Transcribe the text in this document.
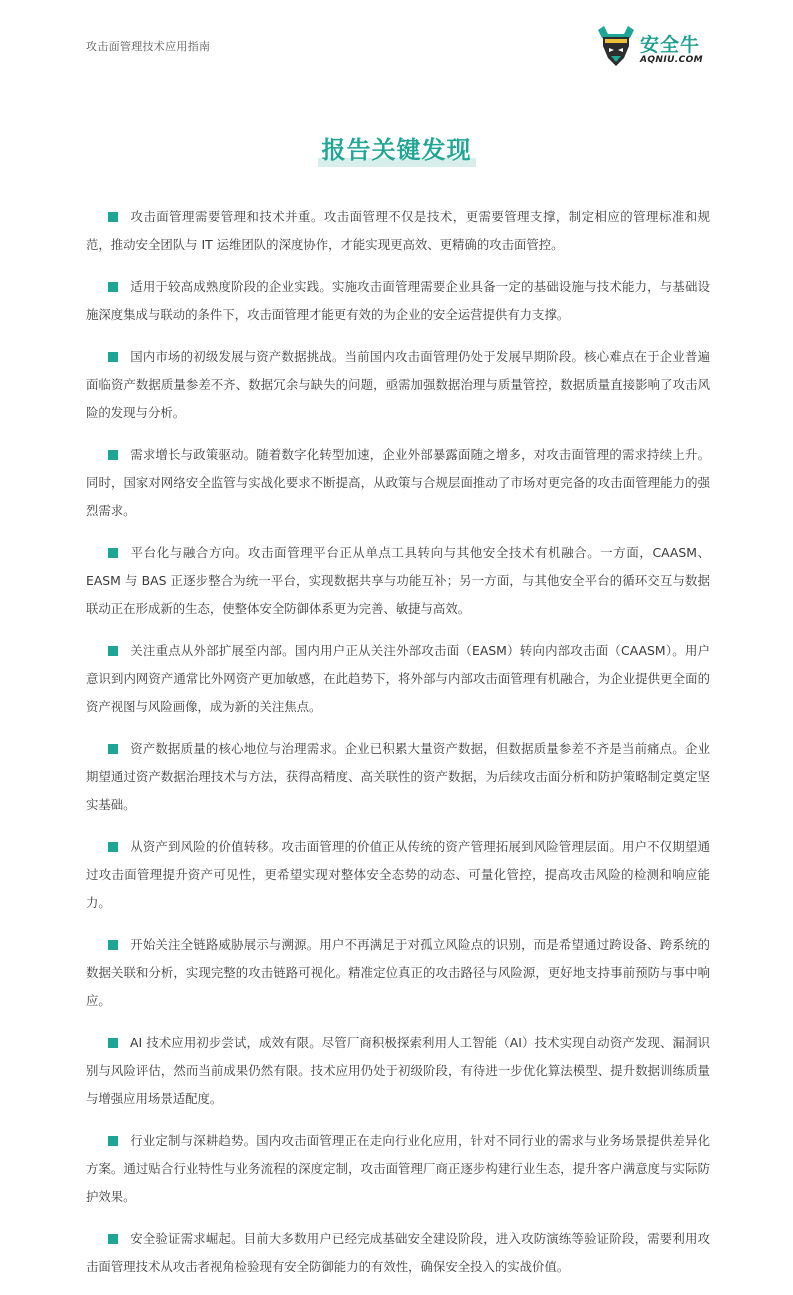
攻击面管理技术应用指南	安全牛
AQNIU.COM
报告关键发现

攻击面管理需要管理和技术并重。攻击面管理不仅是技术，更需要管理支撑，制定相应的管理标准和规范，推动安全团队与 IT 运维团队的深度协作，才能实现更高效、更精确的攻击面管控。

适用于较高成熟度阶段的企业实践。实施攻击面管理需要企业具备一定的基础设施与技术能力，与基础设施深度集成与联动的条件下，攻击面管理才能更有效的为企业的安全运营提供有力支撑。

国内市场的初级发展与资产数据挑战。当前国内攻击面管理仍处于发展早期阶段。核心难点在于企业普遍面临资产数据质量参差不齐、数据冗余与缺失的问题，亟需加强数据治理与质量管控，数据质量直接影响了攻击风险的发现与分析。

需求增长与政策驱动。随着数字化转型加速，企业外部暴露面随之增多，对攻击面管理的需求持续上升。同时，国家对网络安全监管与实战化要求不断提高，从政策与合规层面推动了市场对更完备的攻击面管理能力的强烈需求。

平台化与融合方向。攻击面管理平台正从单点工具转向与其他安全技术有机融合。一方面，CAASM、EASM 与 BAS 正逐步整合为统一平台，实现数据共享与功能互补；另一方面，与其他安全平台的循环交互与数据联动正在形成新的生态，使整体安全防御体系更为完善、敏捷与高效。

关注重点从外部扩展至内部。国内用户正从关注外部攻击面（EASM）转向内部攻击面（CAASM）。用户意识到内网资产通常比外网资产更加敏感，在此趋势下，将外部与内部攻击面管理有机融合，为企业提供更全面的资产视图与风险画像，成为新的关注焦点。

资产数据质量的核心地位与治理需求。企业已积累大量资产数据，但数据质量参差不齐是当前痛点。企业期望通过资产数据治理技术与方法，获得高精度、高关联性的资产数据，为后续攻击面分析和防护策略制定奠定坚实基础。

从资产到风险的价值转移。攻击面管理的价值正从传统的资产管理拓展到风险管理层面。用户不仅期望通过攻击面管理提升资产可见性，更希望实现对整体安全态势的动态、可量化管控，提高攻击风险的检测和响应能力。

开始关注全链路威胁展示与溯源。用户不再满足于对孤立风险点的识别，而是希望通过跨设备、跨系统的数据关联和分析，实现完整的攻击链路可视化。精准定位真正的攻击路径与风险源，更好地支持事前预防与事中响应。

AI 技术应用初步尝试，成效有限。尽管厂商积极探索利用人工智能（AI）技术实现自动资产发现、漏洞识别与风险评估，然而当前成果仍然有限。技术应用仍处于初级阶段，有待进一步优化算法模型、提升数据训练质量与增强应用场景适配度。

行业定制与深耕趋势。国内攻击面管理正在走向行业化应用，针对不同行业的需求与业务场景提供差异化方案。通过贴合行业特性与业务流程的深度定制，攻击面管理厂商正逐步构建行业生态，提升客户满意度与实际防护效果。

安全验证需求崛起。目前大多数用户已经完成基础安全建设阶段，进入攻防演练等验证阶段，需要利用攻击面管理技术从攻击者视角检验现有安全防御能力的有效性，确保安全投入的实战价值。
